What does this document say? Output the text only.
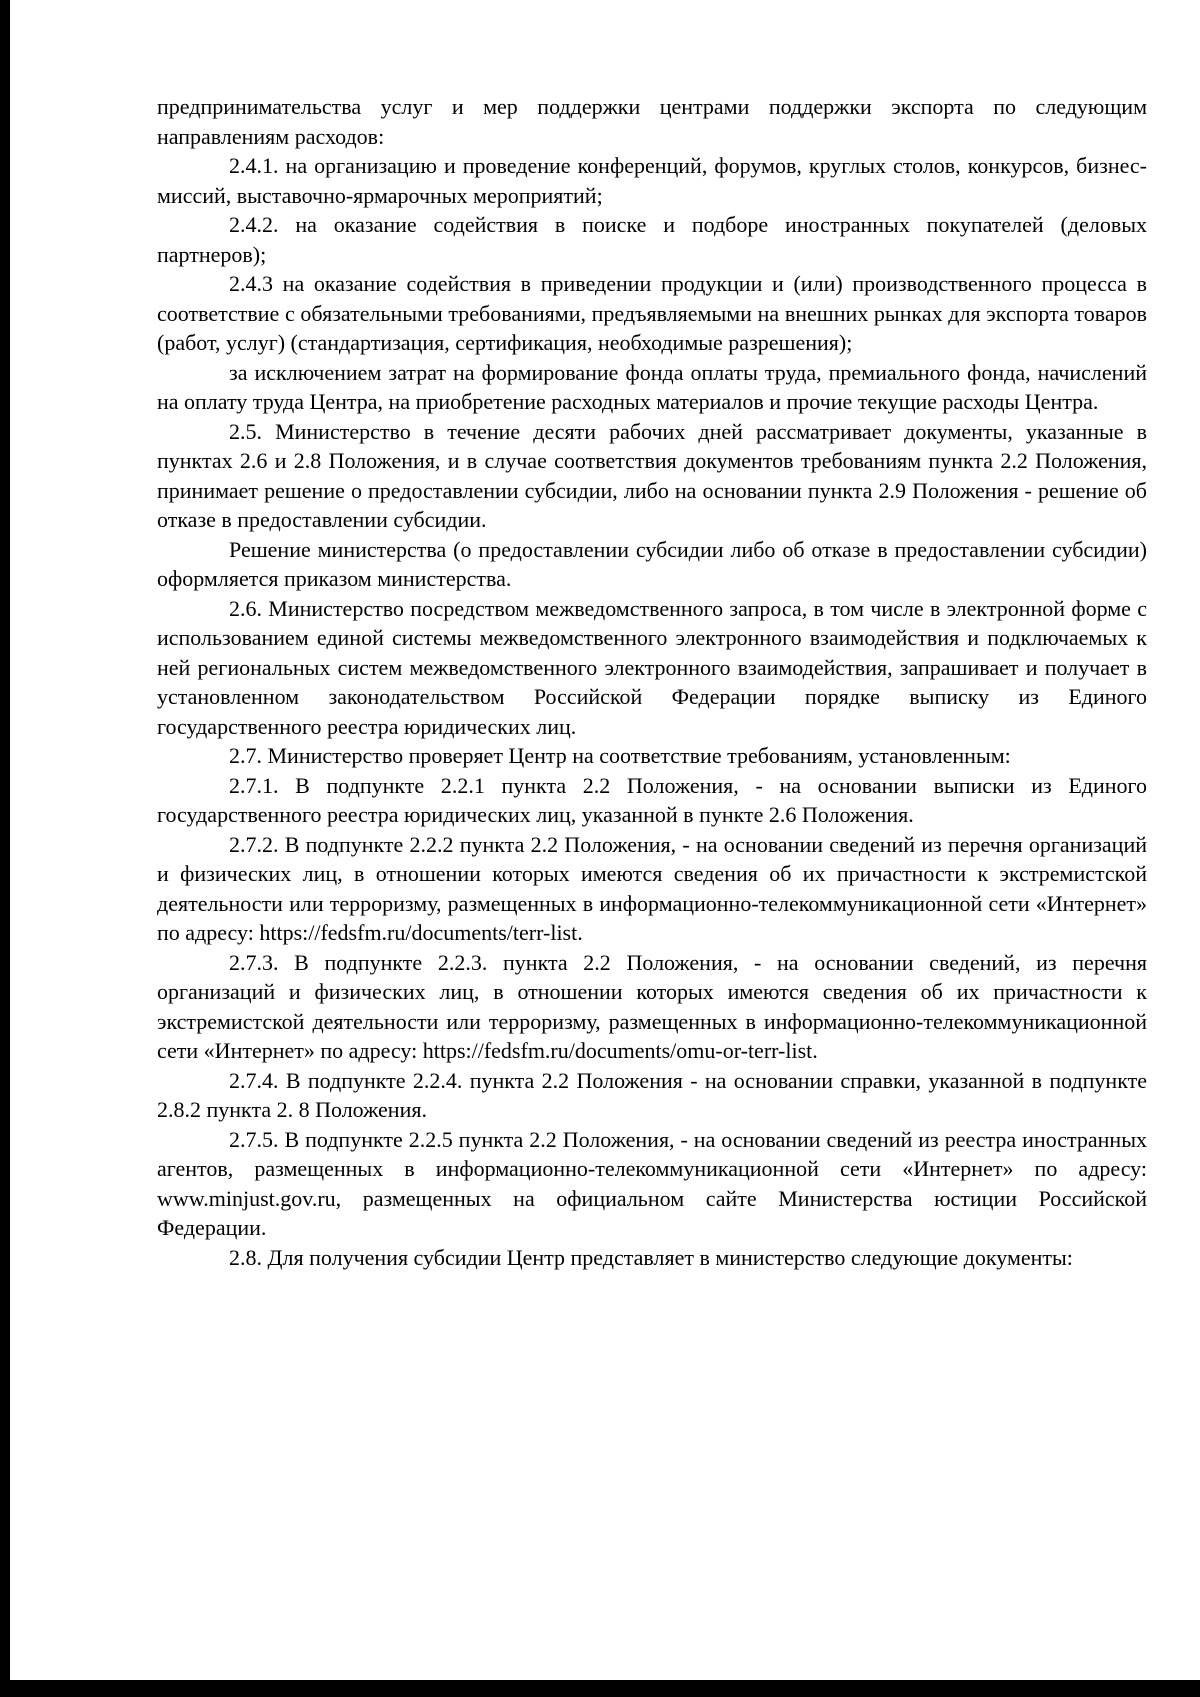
предпринимательства услуг и мер поддержки центрами поддержки экспорта по следующим направлениям расходов:

2.4.1. на организацию и проведение конференций, форумов, круглых столов, конкурсов, бизнес-миссий, выставочно-ярмарочных мероприятий;

2.4.2. на оказание содействия в поиске и подборе иностранных покупателей (деловых партнеров);

2.4.3 на оказание содействия в приведении продукции и (или) производственного процесса в соответствие с обязательными требованиями, предъявляемыми на внешних рынках для экспорта товаров (работ, услуг) (стандартизация, сертификация, необходимые разрешения);

за исключением затрат на формирование фонда оплаты труда, премиального фонда, начислений на оплату труда Центра, на приобретение расходных материалов и прочие текущие расходы Центра.

2.5. Министерство в течение десяти рабочих дней рассматривает документы, указанные в пунктах 2.6 и 2.8 Положения, и в случае соответствия документов требованиям пункта 2.2 Положения, принимает решение о предоставлении субсидии, либо на основании пункта 2.9 Положения - решение об отказе в предоставлении субсидии.

Решение министерства (о предоставлении субсидии либо об отказе в предоставлении субсидии) оформляется приказом министерства.

2.6. Министерство посредством межведомственного запроса, в том числе в электронной форме с использованием единой системы межведомственного электронного взаимодействия и подключаемых к ней региональных систем межведомственного электронного взаимодействия, запрашивает и получает в установленном законодательством Российской Федерации порядке выписку из Единого государственного реестра юридических лиц.

2.7. Министерство проверяет Центр на соответствие требованиям, установленным:

2.7.1. В подпункте 2.2.1 пункта 2.2 Положения, - на основании выписки из Единого государственного реестра юридических лиц, указанной в пункте 2.6 Положения.

2.7.2. В подпункте 2.2.2 пункта 2.2 Положения, - на основании сведений из перечня организаций и физических лиц, в отношении которых имеются сведения об их причастности к экстремистской деятельности или терроризму, размещенных в информационно-телекоммуникационной сети «Интернет» по адресу: https://fedsfm.ru/documents/terr-list.

2.7.3. В подпункте 2.2.3. пункта 2.2 Положения, - на основании сведений, из перечня организаций и физических лиц, в отношении которых имеются сведения об их причастности к экстремистской деятельности или терроризму, размещенных в информационно-телекоммуникационной сети «Интернет» по адресу: https://fedsfm.ru/documents/omu-or-terr-list.

2.7.4. В подпункте 2.2.4. пункта 2.2 Положения - на основании справки, указанной в подпункте 2.8.2 пункта 2. 8 Положения.

2.7.5. В подпункте 2.2.5 пункта 2.2 Положения, - на основании сведений из реестра иностранных агентов, размещенных в информационно-телекоммуникационной сети «Интернет» по адресу: www.minjust.gov.ru, размещенных на официальном сайте Министерства юстиции Российской Федерации.

2.8. Для получения субсидии Центр представляет в министерство следующие документы:
